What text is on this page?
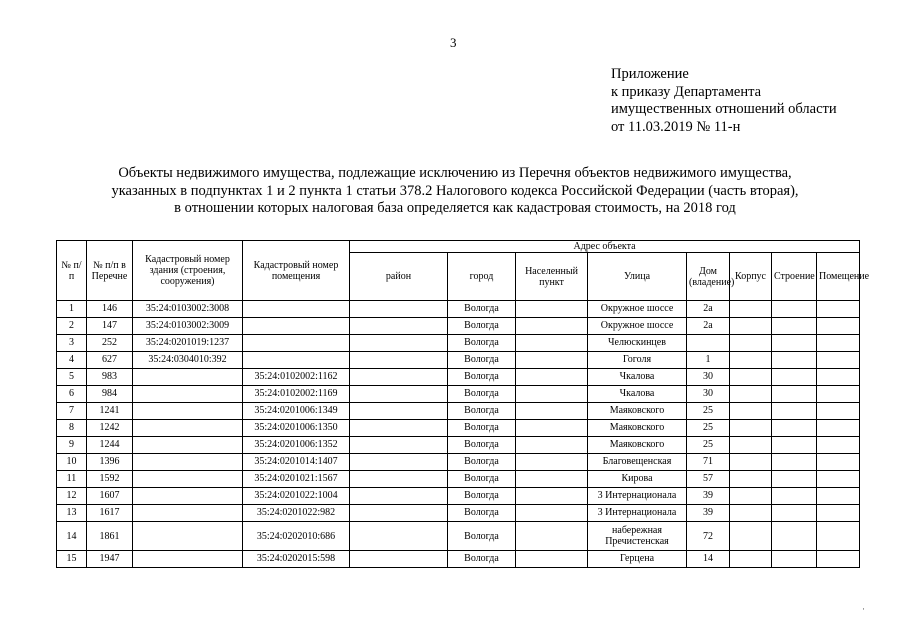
3
Приложение
к приказу Департамента
имущественных отношений области
от 11.03.2019 № 11-н
Объекты недвижимого имущества, подлежащие исключению из Перечня объектов недвижимого имущества,
указанных в подпунктах 1 и 2 пункта 1 статьи 378.2 Налогового кодекса Российской Федерации (часть вторая),
в отношении которых налоговая база определяется как кадастровая стоимость, на 2018 год
№ п/п	№ п/п в Перечне	Кадастровый номер здания (строения, сооружения)	Кадастровый номер помещения	Адрес объекта							
				район	город	Населенный пункт	Улица	Дом (владение)	Корпус	Строение	Помещение
1	146	35:24:0103002:3008			Вологда		Окружное шоссе	2а			
2	147	35:24:0103002:3009			Вологда		Окружное шоссе	2а			
3	252	35:24:0201019:1237			Вологда		Челюскинцев				
4	627	35:24:0304010:392			Вологда		Гоголя	1			
5	983		35:24:0102002:1162		Вологда		Чкалова	30			
6	984		35:24:0102002:1169		Вологда		Чкалова	30			
7	1241		35:24:0201006:1349		Вологда		Маяковского	25			
8	1242		35:24:0201006:1350		Вологда		Маяковского	25			
9	1244		35:24:0201006:1352		Вологда		Маяковского	25			
10	1396		35:24:0201014:1407		Вологда		Благовещенская	71			
11	1592		35:24:0201021:1567		Вологда		Кирова	57			
12	1607		35:24:0201022:1004		Вологда		3 Интернационала	39			
13	1617		35:24:0201022:982		Вологда		3 Интернационала	39			
14	1861		35:24:0202010:686		Вологда		набережная Пречистенская	72			
15	1947		35:24:0202015:598		Вологда		Герцена	14			
·
